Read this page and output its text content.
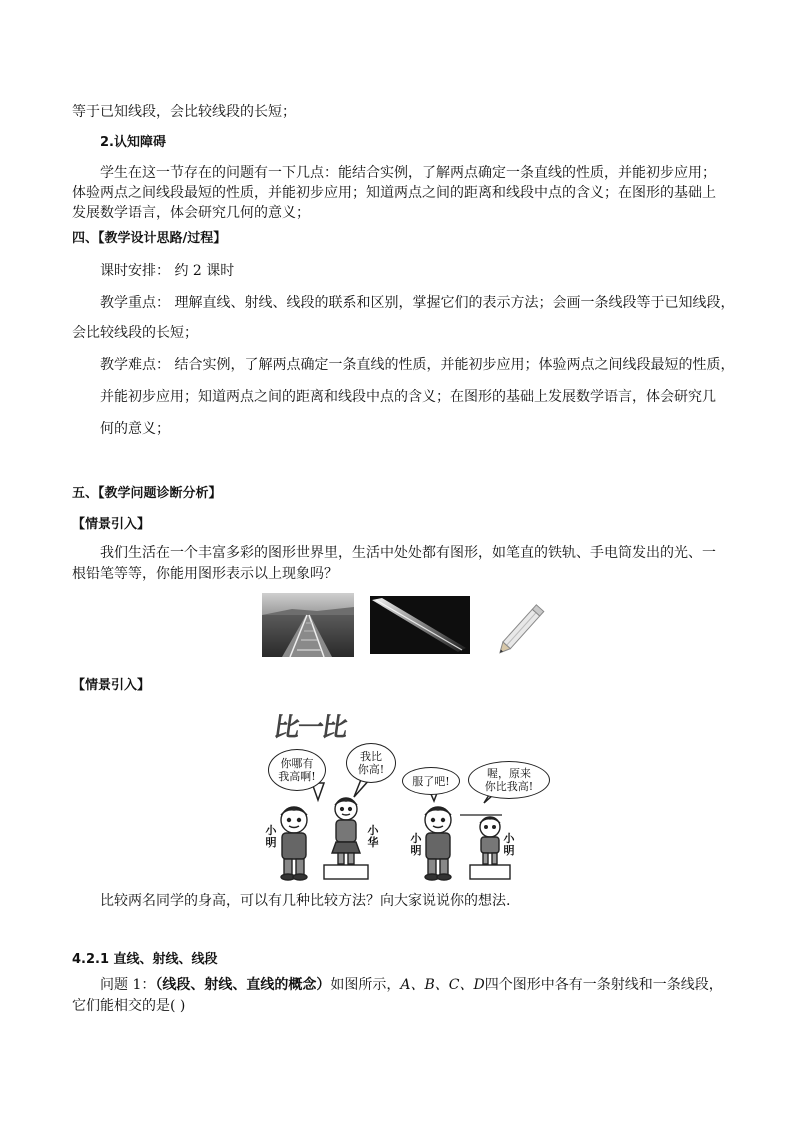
等于已知线段，会比较线段的长短；
2.认知障碍
学生在这一节存在的问题有一下几点：能结合实例，了解两点确定一条直线的性质，并能初步应用；
体验两点之间线段最短的性质，并能初步应用；知道两点之间的距离和线段中点的含义；在图形的基础上
发展数学语言，体会研究几何的意义；
四、【教学设计思路/过程】
课时安排： 约 2 课时
教学重点： 理解直线、射线、线段的联系和区别，掌握它们的表示方法；会画一条线段等于已知线段，
会比较线段的长短；
教学难点： 结合实例，了解两点确定一条直线的性质，并能初步应用；体验两点之间线段最短的性质，
并能初步应用；知道两点之间的距离和线段中点的含义；在图形的基础上发展数学语言，体会研究几
何的意义；
五、【教学问题诊断分析】
【情景引入】
我们生活在一个丰富多彩的图形世界里，生活中处处都有图形，如笔直的铁轨、手电筒发出的光、一
根铅笔等等，你能用图形表示以上现象吗？
【情景引入】
比一比
你哪有
我高啊!
我比
你高!
服了吧!
喔，原来
你比我高!
小
明
小
华	小
明
小
明
比较两名同学的身高，可以有几种比较方法？向大家说说你的想法.
4.2.1 直线、射线、线段
问题 1：（线段、射线、直线的概念）如图所示，A、B、C、D四个图形中各有一条射线和一条线段，
它们能相交的是( )
